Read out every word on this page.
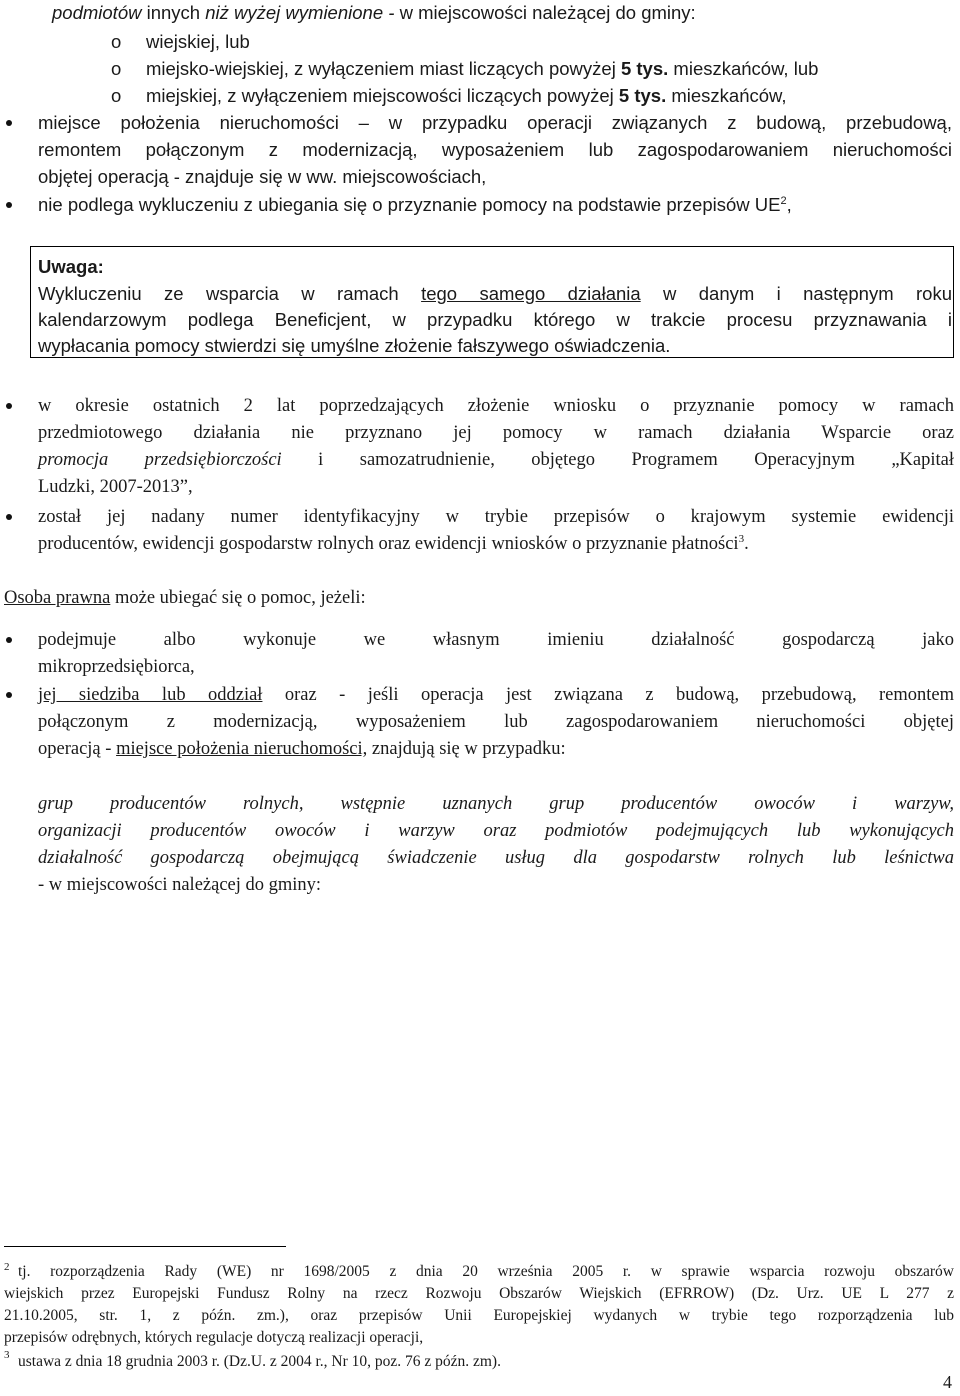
podmiotów innych niż wyżej wymienione - w miejscowości należącej do gminy:
o wiejskiej, lub
o miejsko-wiejskiej, z wyłączeniem miast liczących powyżej 5 tys. mieszkańców, lub
o miejskiej, z wyłączeniem miejscowości liczących powyżej 5 tys. mieszkańców,
miejsce położenia nieruchomości – w przypadku operacji związanych z budową, przebudową,
remontem połączonym z modernizacją, wyposażeniem lub zagospodarowaniem nieruchomości
objętej operacją - znajduje się w ww. miejscowościach,
nie podlega wykluczeniu z ubiegania się o przyznanie pomocy na podstawie przepisów $UE^2$,
Uwaga:
Wykluczeniu ze wsparcia w ramach tego samego działania w danym i następnym roku
kalendarzowym podlega Beneficjent, w przypadku którego w trakcie procesu przyznawania i
wypłacania pomocy stwierdzi się umyślne złożenie fałszywego oświadczenia.
w okresie ostatnich 2 lat poprzedzających złożenie wniosku o przyznanie pomocy w ramach
przedmiotowego działania nie przyznano jej pomocy w ramach działania Wsparcie oraz
promocja przedsiębiorczości i samozatrudnienie, objętego Programem Operacyjnym „Kapitał
Ludzki, 2007-2013”,
został jej nadany numer identyfikacyjny w trybie przepisów o krajowym systemie ewidencji
producentów, ewidencji gospodarstw rolnych oraz ewidencji wniosków o przyznanie płatności$^3$.
Osoba prawna może ubiegać się o pomoc, jeżeli:
podejmuje albo wykonuje we własnym imieniu działalność gospodarczą jako
mikroprzedsiębiorca,
jej siedziba lub oddział oraz - jeśli operacja jest związana z budową, przebudową, remontem
połączonym z modernizacją, wyposażeniem lub zagospodarowaniem nieruchomości objętej
operacją - miejsce położenia nieruchomości, znajdują się w przypadku:
grup producentów rolnych, wstępnie uznanych grup producentów owoców i warzyw,
organizacji producentów owoców i warzyw oraz podmiotów podejmujących lub wykonujących
działalność gospodarczą obejmującą świadczenie usług dla gospodarstw rolnych lub leśnictwa
- w miejscowości należącej do gminy:
$^2$ tj. rozporządzenia Rady (WE) nr 1698/2005 z dnia 20 września 2005 r. w sprawie wsparcia rozwoju obszarów
wiejskich przez Europejski Fundusz Rolny na rzecz Rozwoju Obszarów Wiejskich (EFRROW) (Dz. Urz. UE L 277 z
21.10.2005, str. 1, z późn. zm.), oraz przepisów Unii Europejskiej wydanych w trybie tego rozporządzenia lub
przepisów odrębnych, których regulacje dotyczą realizacji operacji,
$^3$ ustawa z dnia 18 grudnia 2003 r. (Dz.U. z 2004 r., Nr 10, poz. 76 z późn. zm).
4
